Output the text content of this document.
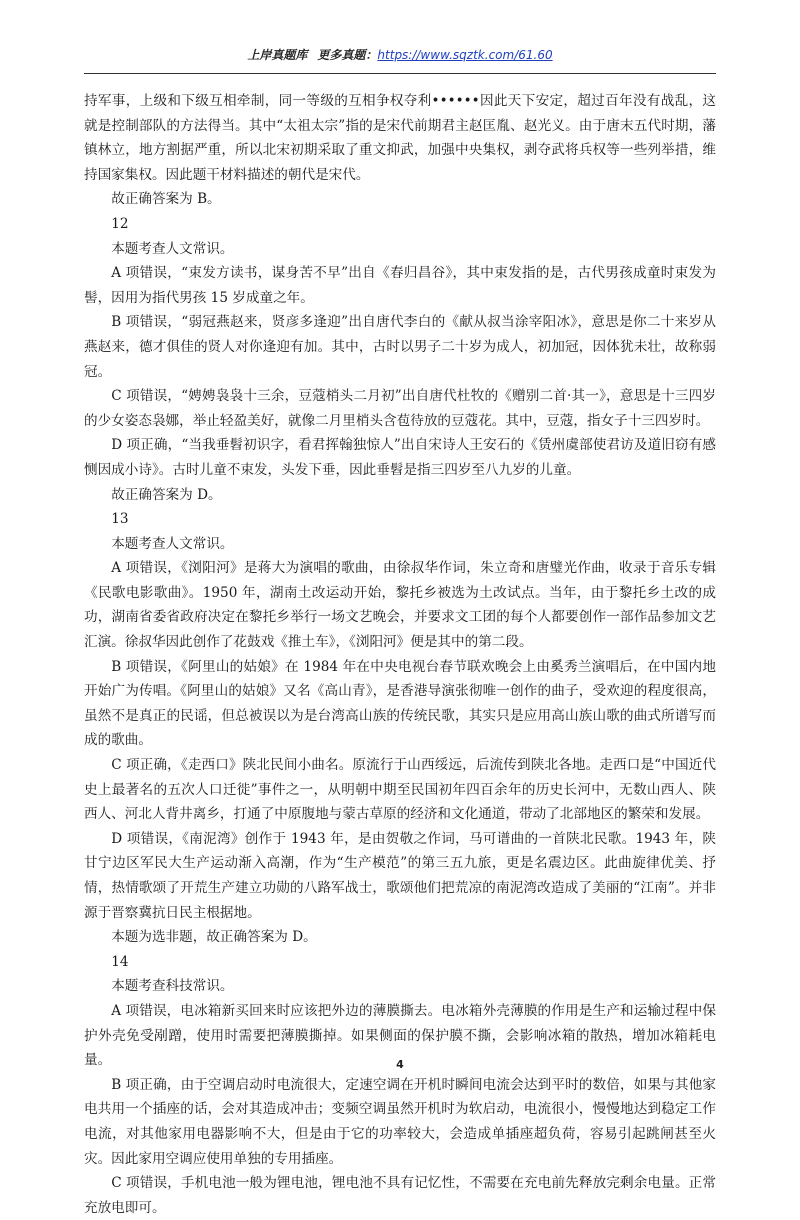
上岸真题库 更多真题：https://www.sqztk.com/61.60

持军事，上级和下级互相牵制，同一等级的互相争权夺利••••••因此天下安定，超过百年没有战乱，这就是控制部队的方法得当。其中“太祖太宗”指的是宋代前期君主赵匡胤、赵光义。由于唐末五代时期，藩镇林立，地方割据严重，所以北宋初期采取了重文抑武，加强中央集权，剥夺武将兵权等一些列举措，维持国家集权。因此题干材料描述的朝代是宋代。

故正确答案为 B。

12

本题考查人文常识。

A 项错误，“束发方读书，谋身苦不早”出自《春归昌谷》，其中束发指的是，古代男孩成童时束发为髻，因用为指代男孩 15 岁成童之年。

B 项错误，“弱冠燕赵来，贤彦多逢迎”出自唐代李白的《献从叔当涂宰阳冰》，意思是你二十来岁从燕赵来，德才俱佳的贤人对你逢迎有加。其中，古时以男子二十岁为成人，初加冠，因体犹未壮，故称弱冠。

C 项错误，“娉娉袅袅十三余，豆蔻梢头二月初”出自唐代杜牧的《赠别二首·其一》，意思是十三四岁的少女姿态袅娜，举止轻盈美好，就像二月里梢头含苞待放的豆蔻花。其中，豆蔻，指女子十三四岁时。

D 项正确，“当我垂髫初识字，看君挥翰独惊人”出自宋诗人王安石的《赁州虞部使君访及道旧窃有感恻因成小诗》。古时儿童不束发，头发下垂，因此垂髫是指三四岁至八九岁的儿童。

故正确答案为 D。

13

本题考查人文常识。

A 项错误，《浏阳河》是蒋大为演唱的歌曲，由徐叔华作词，朱立奇和唐璧光作曲，收录于音乐专辑《民歌电影歌曲》。1950 年，湖南土改运动开始，黎托乡被选为土改试点。当年，由于黎托乡土改的成功，湖南省委省政府决定在黎托乡举行一场文艺晚会，并要求文工团的每个人都要创作一部作品参加文艺汇演。徐叔华因此创作了花鼓戏《推土车》，《浏阳河》便是其中的第二段。

B 项错误，《阿里山的姑娘》在 1984 年在中央电视台春节联欢晚会上由奚秀兰演唱后，在中国内地开始广为传唱。《阿里山的姑娘》又名《高山青》，是香港导演张彻唯一创作的曲子，受欢迎的程度很高，虽然不是真正的民谣，但总被误以为是台湾高山族的传统民歌，其实只是应用高山族山歌的曲式所谱写而成的歌曲。

C 项正确，《走西口》陕北民间小曲名。原流行于山西绥远，后流传到陕北各地。走西口是“中国近代史上最著名的五次人口迁徙”事件之一，从明朝中期至民国初年四百余年的历史长河中，无数山西人、陕西人、河北人背井离乡，打通了中原腹地与蒙古草原的经济和文化通道，带动了北部地区的繁荣和发展。

D 项错误，《南泥湾》创作于 1943 年，是由贺敬之作词，马可谱曲的一首陕北民歌。1943 年，陕甘宁边区军民大生产运动渐入高潮，作为“生产模范”的第三五九旅，更是名震边区。此曲旋律优美、抒情，热情歌颂了开荒生产建立功勋的八路军战士，歌颂他们把荒凉的南泥湾改造成了美丽的“江南”。并非源于晋察冀抗日民主根据地。

本题为选非题，故正确答案为 D。

14

本题考查科技常识。

A 项错误，电冰箱新买回来时应该把外边的薄膜撕去。电冰箱外壳薄膜的作用是生产和运输过程中保护外壳免受剐蹭，使用时需要把薄膜撕掉。如果侧面的保护膜不撕，会影响冰箱的散热，增加冰箱耗电量。

B 项正确，由于空调启动时电流很大，定速空调在开机时瞬间电流会达到平时的数倍，如果与其他家电共用一个插座的话，会对其造成冲击；变频空调虽然开机时为软启动，电流很小，慢慢地达到稳定工作电流，对其他家用电器影响不大，但是由于它的功率较大，会造成单插座超负荷，容易引起跳闸甚至火灾。因此家用空调应使用单独的专用插座。

C 项错误，手机电池一般为锂电池，锂电池不具有记忆性，不需要在充电前先释放完剩余电量。正常充放电即可。

4
